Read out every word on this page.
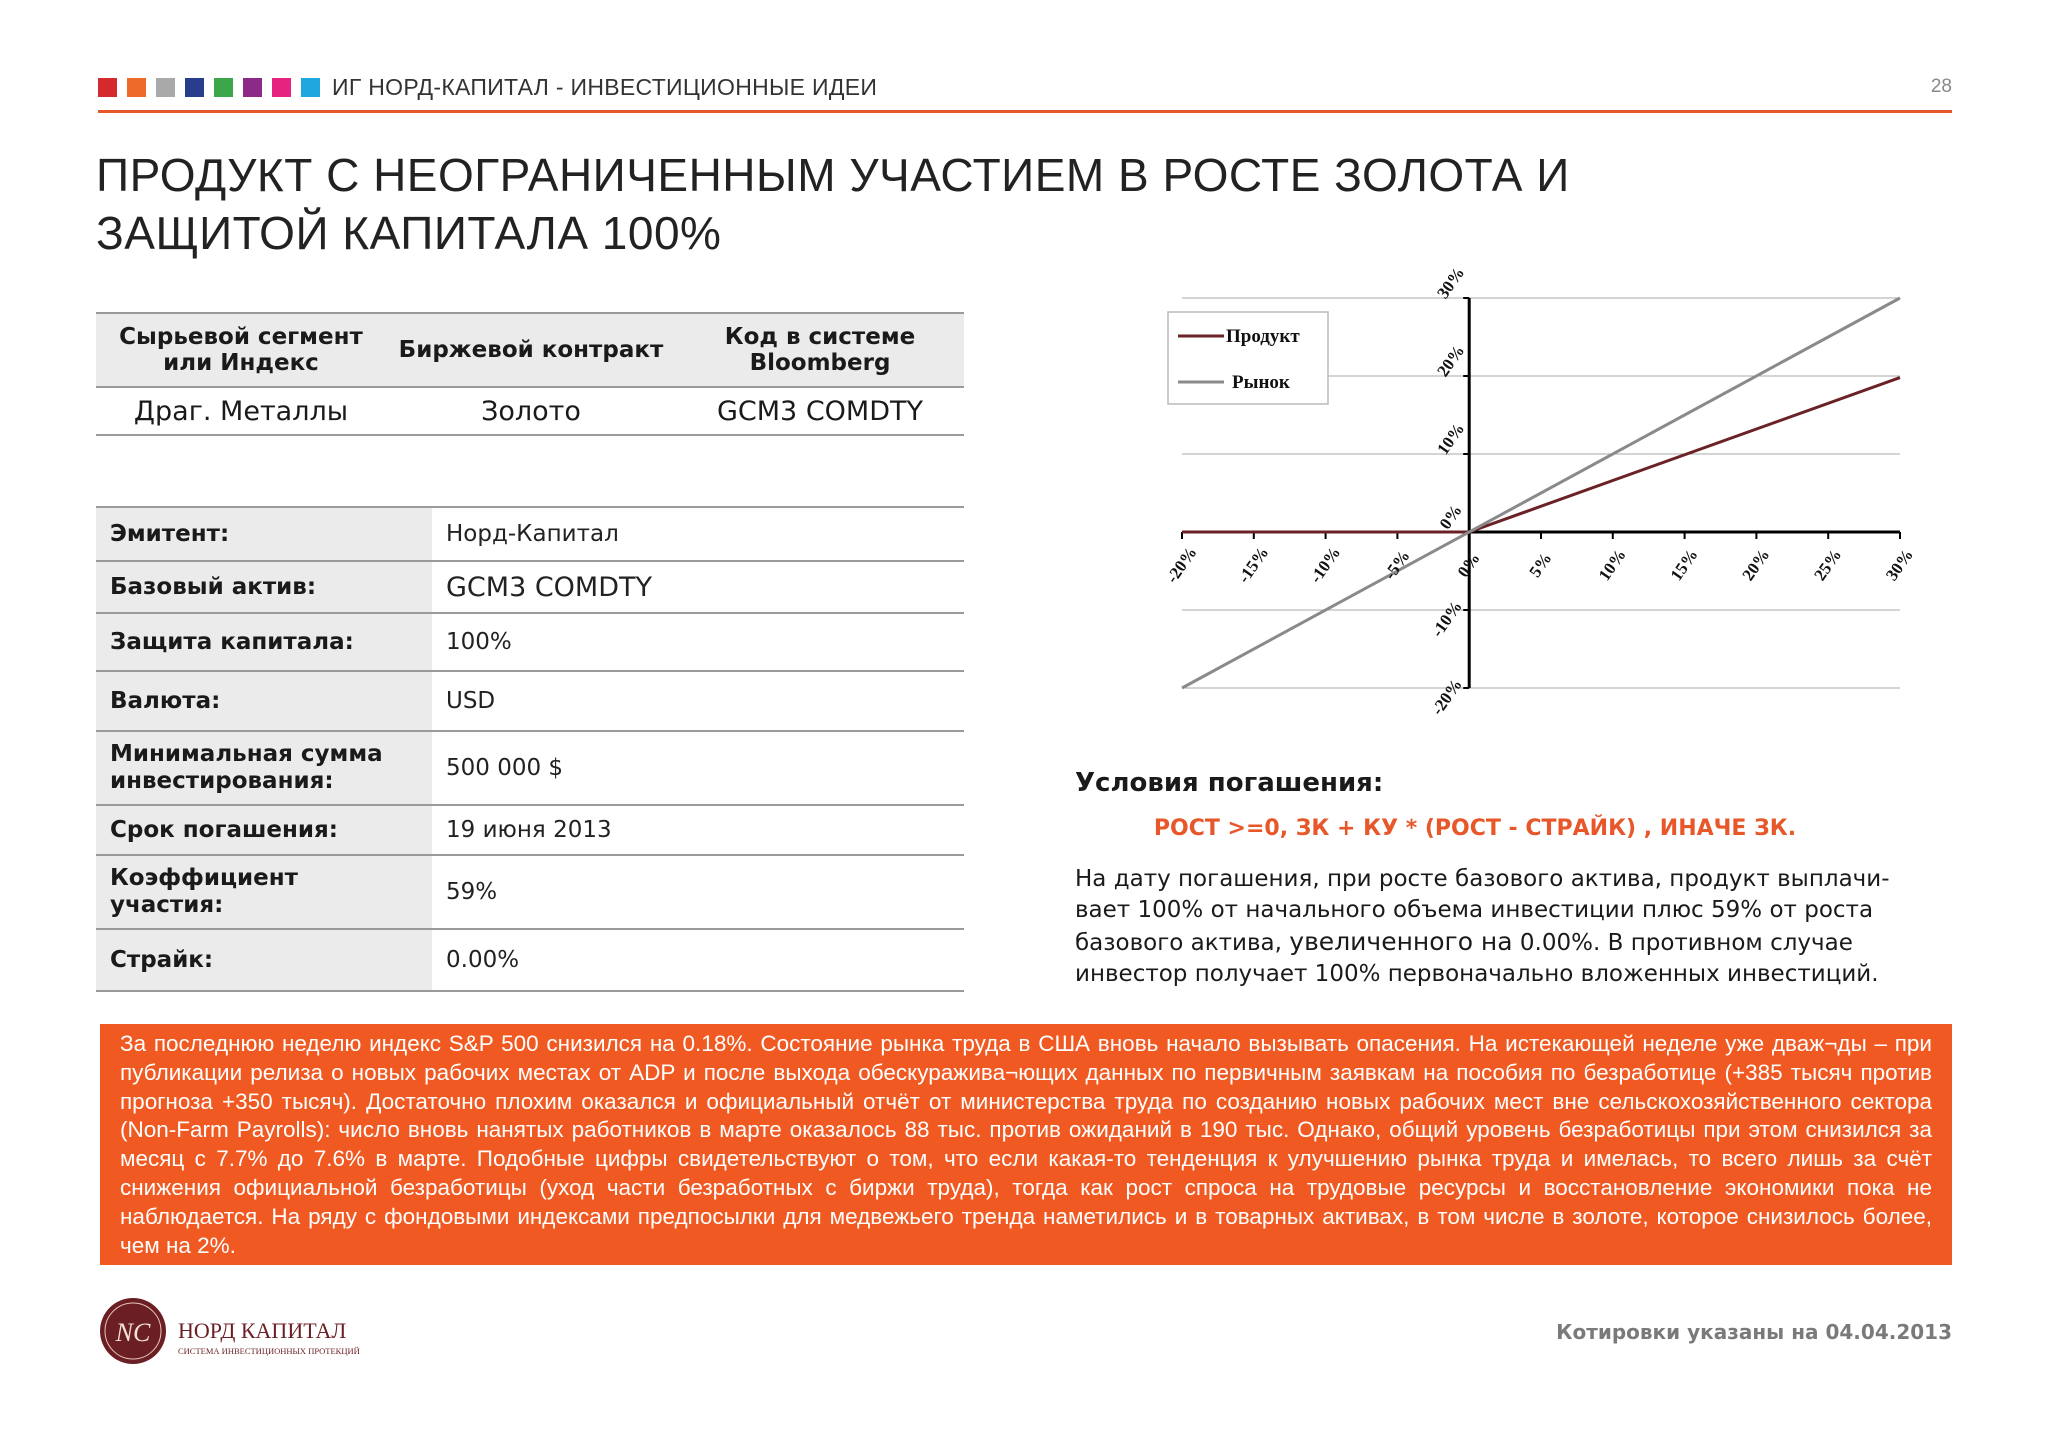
ИГ НОРД-КАПИТАЛ - ИНВЕСТИЦИОННЫЕ ИДЕИ	28
ПРОДУКТ С НЕОГРАНИЧЕННЫМ УЧАСТИЕМ В РОСТЕ ЗОЛОТА И
ЗАЩИТОЙ КАПИТАЛА 100%
Сырьевой сегмент или Индекс	Биржевой контракт	Код в системе Bloomberg
Драг. Металлы	Золото	GCM3 COMDTY
Эмитент:	Норд-Капитал
Базовый актив:	GCM3 COMDTY
Защита капитала:	100%
Валюта:	USD
Минимальная сумма инвестирования:	500 000 $
Срок погашения:	19 июня 2013
Коэффициент участия:	59%
Страйк:	0.00%
-20% -15% -10% -5% 0% 5% 10% 15% 20% 25% 30%
30%
20%
10%
0%
-10%
-20%
Продукт
Рынок
Условия погашения:
РОСТ >=0, ЗК + КУ * (РОСТ - СТРАЙК) , ИНАЧЕ ЗК.
На дату погашения, при росте базового актива, продукт выплачи-вает 100% от начального объема инвестиции плюс 59% от роста базового актива, увеличенного на 0.00%. В противном случае инвестор получает 100% первоначально вложенных инвестиций.
За последнюю неделю индекс S&P 500 снизился на 0.18%. Состояние рынка труда в США вновь начало вызывать опасения. На истекающей неделе уже дваж¬ды – при публикации релиза о новых рабочих местах от ADP и после выхода обескуражива¬ющих данных по первичным заявкам на пособия по безработице (+385 тысяч против прогноза +350 тысяч). Достаточно плохим оказался и официальный отчёт от министерства труда по созданию новых рабочих мест вне сельскохозяйственного сектора (Non-Farm Payrolls): число вновь нанятых работников в марте оказалось 88 тыс. против ожиданий в 190 тыс. Однако, общий уровень безработицы при этом снизился за месяц с 7.7% до 7.6% в марте. Подобные цифры свидетельствуют о том, что если какая-то тенденция к улучшению рынка труда и имелась, то всего лишь за счёт снижения официальной безработицы (уход части безработных с биржи труда), тогда как рост спроса на трудовые ресурсы и восстановление экономики пока не наблюдается. На ряду с фондовыми индексами предпосылки для медвежьего тренда наметились и в товарных активах, в том числе в золоте, которое снизилось более, чем на 2%.
NC НОРД КАПИТАЛ
СИСТЕМА ИНВЕСТИЦИОННЫХ ПРОТЕКЦИЙ
Котировки указаны на 04.04.2013
